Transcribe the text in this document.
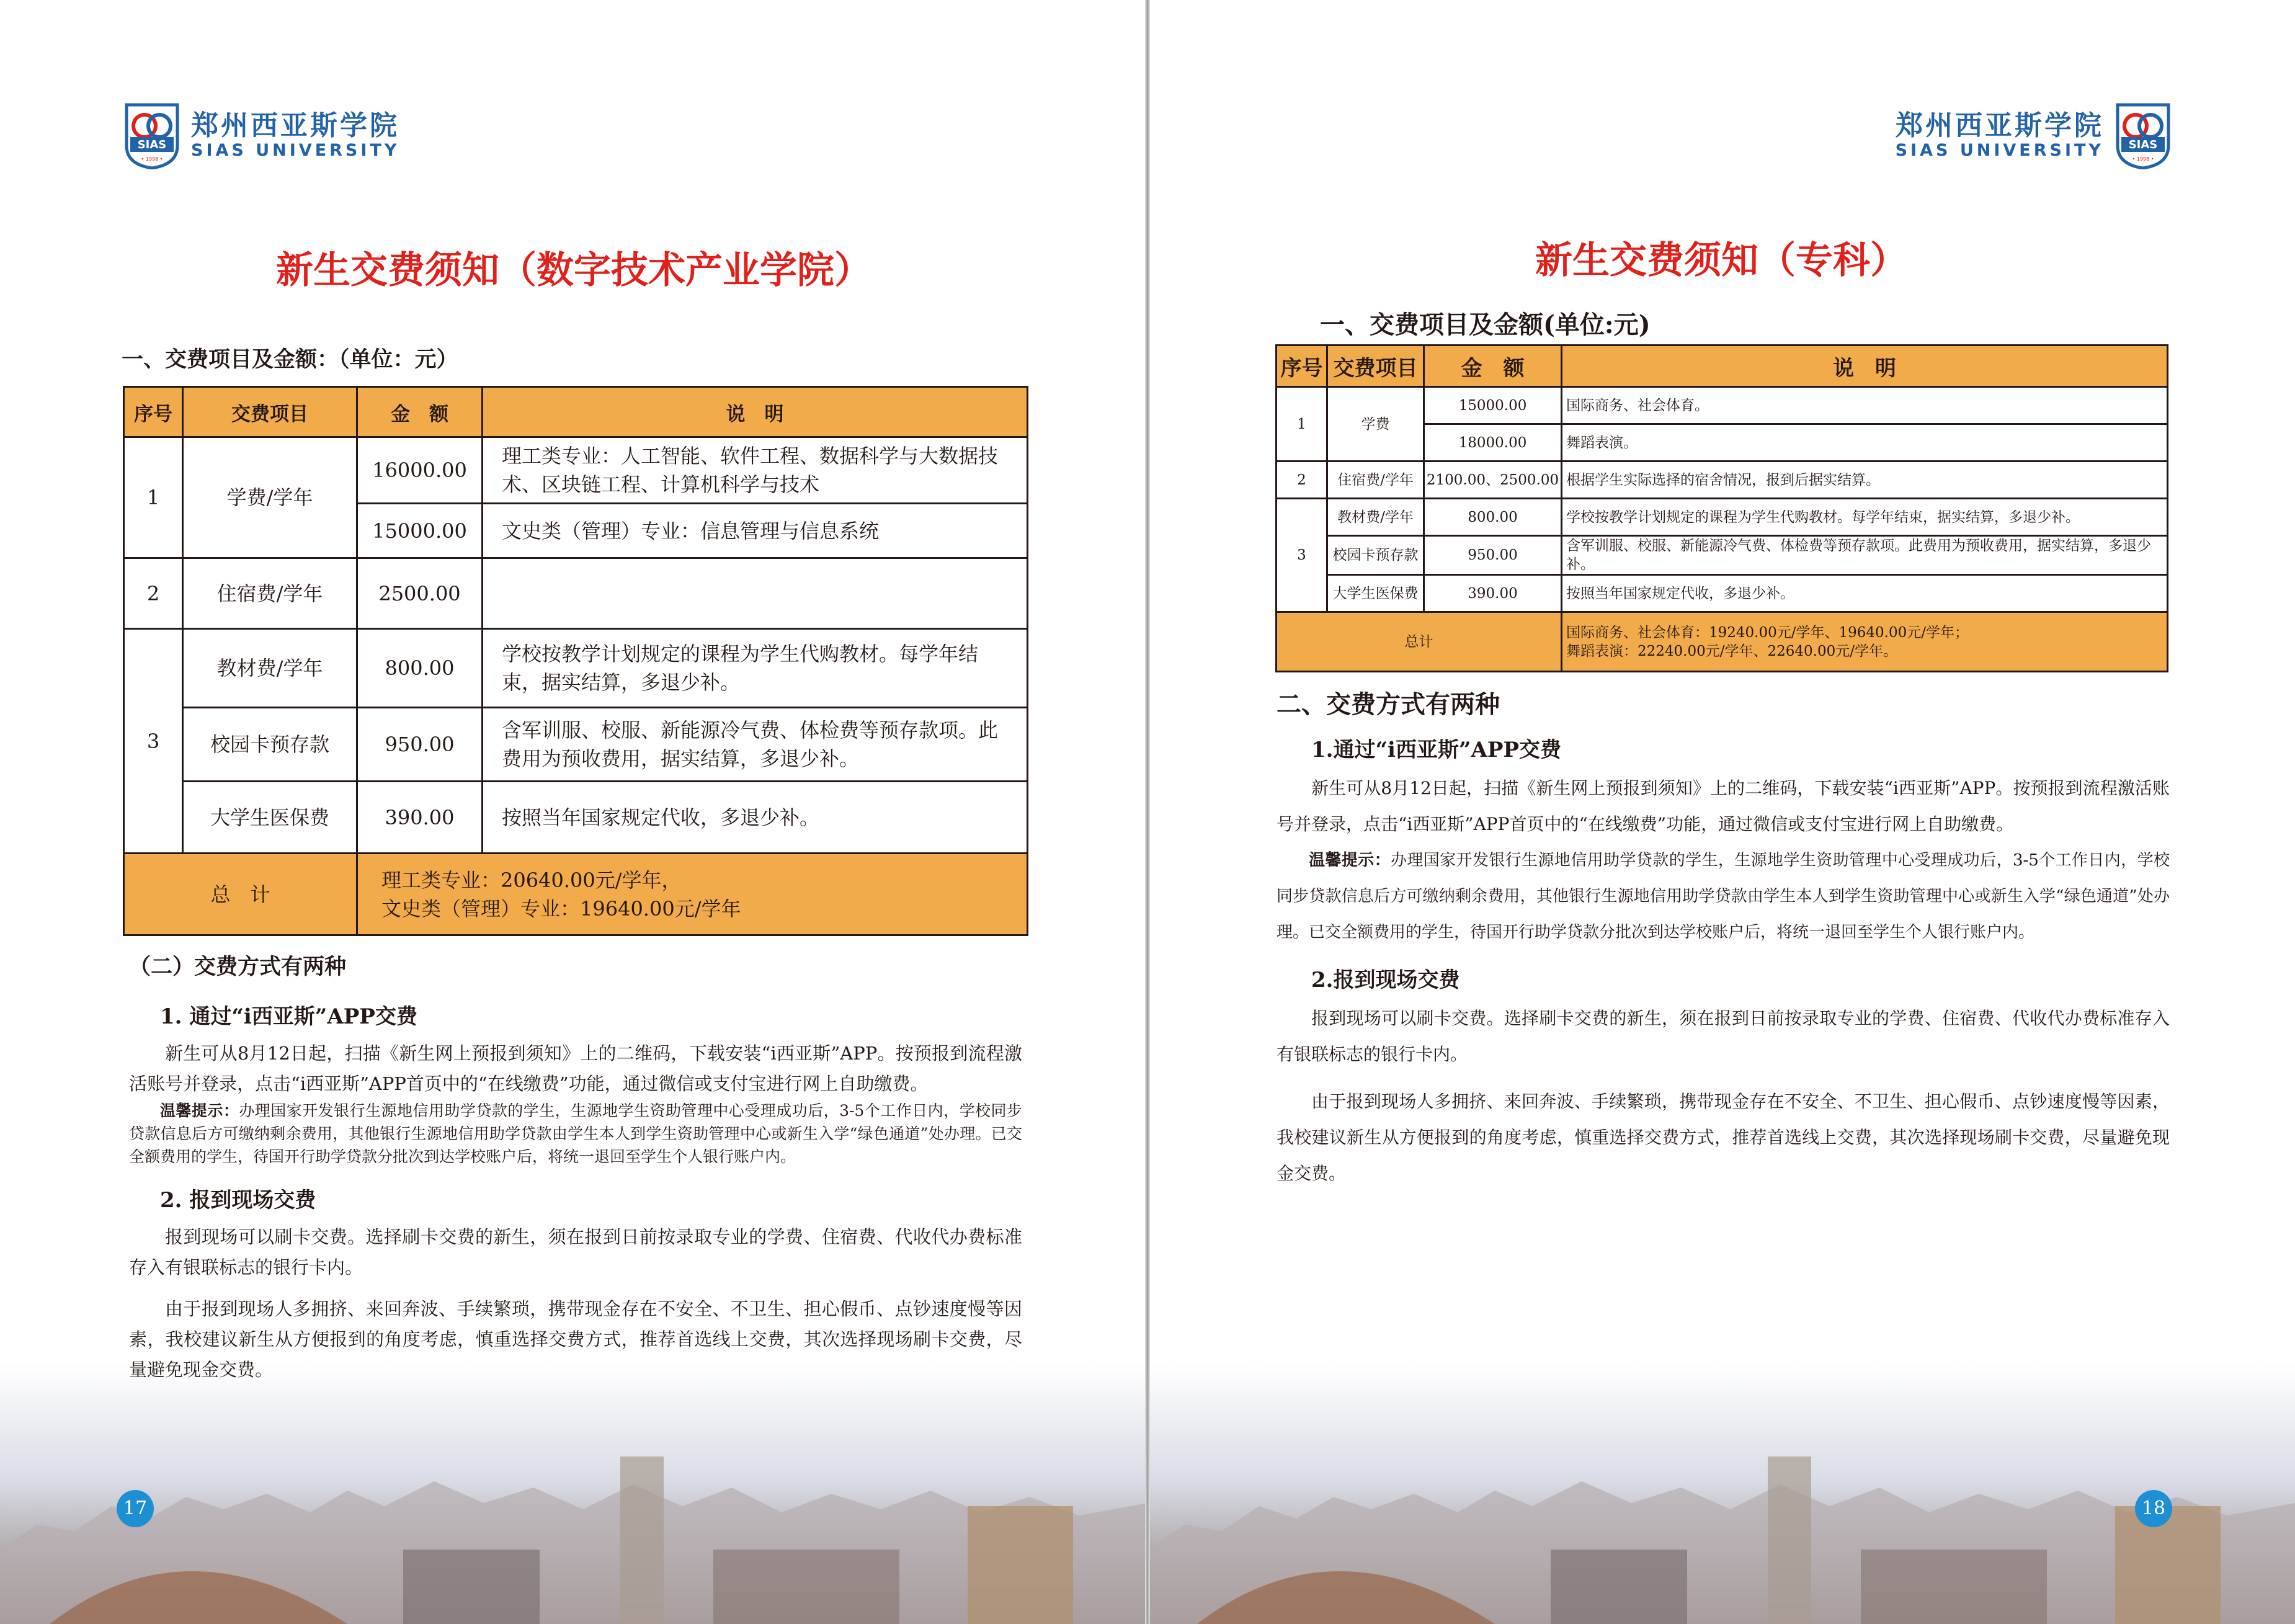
SIAS
• 1998 •
郑州西亚斯学院
SIAS UNIVERSITY
新生交费须知（数字技术产业学院）
一、交费项目及金额：（单位：元）
序号	交费项目	金　额	说　明
1	学费/学年	16000.00	理工类专业：人工智能、软件工程、数据科学与大数据技术、区块链工程、计算机科学与技术
		15000.00	文史类（管理）专业：信息管理与信息系统
2	住宿费/学年	2500.00	
3	教材费/学年	800.00	学校按教学计划规定的课程为学生代购教材。每学年结束，据实结算，多退少补。
	校园卡预存款	950.00	含军训服、校服、新能源冷气费、体检费等预存款项。此费用为预收费用，据实结算，多退少补。
	大学生医保费	390.00	按照当年国家规定代收，多退少补。
总　计		理工类专业：20640.00元/学年，
文史类（管理）专业：19640.00元/学年	
（二）交费方式有两种
1. 通过“i西亚斯”APP交费

新生可从8月12日起，扫描《新生网上预报到须知》上的二维码，下载安装“i西亚斯”APP。按预报到流程激活账号并登录，点击“i西亚斯”APP首页中的“在线缴费”功能，通过微信或支付宝进行网上自助缴费。

温馨提示：办理国家开发银行生源地信用助学贷款的学生，生源地学生资助管理中心受理成功后，3-5个工作日内，学校同步贷款信息后方可缴纳剩余费用，其他银行生源地信用助学贷款由学生本人到学生资助管理中心或新生入学“绿色通道”处办理。已交全额费用的学生，待国开行助学贷款分批次到达学校账户后，将统一退回至学生个人银行账户内。
2. 报到现场交费

报到现场可以刷卡交费。选择刷卡交费的新生，须在报到日前按录取专业的学费、住宿费、代收代办费标准存入有银联标志的银行卡内。

由于报到现场人多拥挤、来回奔波、手续繁琐，携带现金存在不安全、不卫生、担心假币、点钞速度慢等因素，我校建议新生从方便报到的角度考虑，慎重选择交费方式，推荐首选线上交费，其次选择现场刷卡交费，尽量避免现金交费。

17
郑州西亚斯学院
SIAS UNIVERSITY SIAS
• 1998 •
新生交费须知（专科）
一、交费项目及金额(单位:元)
序号	交费项目	金　额	说　明
1	学费	15000.00	国际商务、社会体育。
		18000.00	舞蹈表演。
2	住宿费/学年	2100.00、2500.00	根据学生实际选择的宿舍情况，报到后据实结算。
3	教材费/学年	800.00	学校按教学计划规定的课程为学生代购教材。每学年结束，据实结算，多退少补。
	校园卡预存款	950.00	含军训服、校服、新能源冷气费、体检费等预存款项。此费用为预收费用，据实结算，多退少补。
	大学生医保费	390.00	按照当年国家规定代收，多退少补。
总计			国际商务、社会体育：19240.00元/学年、19640.00元/学年；
舞蹈表演：22240.00元/学年、22640.00元/学年。
二、交费方式有两种
1.通过“i西亚斯”APP交费

新生可从8月12日起，扫描《新生网上预报到须知》上的二维码，下载安装“i西亚斯”APP。按预报到流程激活账号并登录，点击“i西亚斯”APP首页中的“在线缴费”功能，通过微信或支付宝进行网上自助缴费。

温馨提示：办理国家开发银行生源地信用助学贷款的学生，生源地学生资助管理中心受理成功后，3-5个工作日内，学校同步贷款信息后方可缴纳剩余费用，其他银行生源地信用助学贷款由学生本人到学生资助管理中心或新生入学“绿色通道”处办理。已交全额费用的学生，待国开行助学贷款分批次到达学校账户后，将统一退回至学生个人银行账户内。
2.报到现场交费

报到现场可以刷卡交费。选择刷卡交费的新生，须在报到日前按录取专业的学费、住宿费、代收代办费标准存入有银联标志的银行卡内。

由于报到现场人多拥挤、来回奔波、手续繁琐，携带现金存在不安全、不卫生、担心假币、点钞速度慢等因素，我校建议新生从方便报到的角度考虑，慎重选择交费方式，推荐首选线上交费，其次选择现场刷卡交费，尽量避免现金交费。

18
